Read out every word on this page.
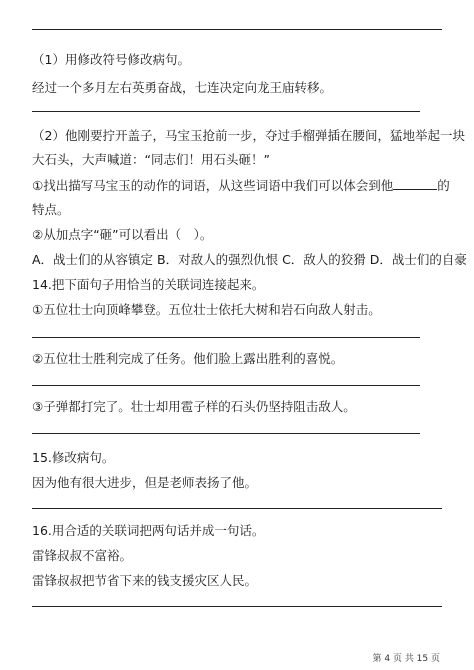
（1）用修改符号修改病句。
经过一个多月左右英勇奋战，七连决定向龙王庙转移。
（2）他刚要拧开盖子，马宝玉抢前一步，夺过手榴弹插在腰间，猛地举起一块
大石头，大声喊道：“同志们！用石头砸！”
①找出描写马宝玉的动作的词语，从这些词语中我们可以体会到他	的
特点。
②从加点字“砸”可以看出（　）。
A．战士们的从容镇定 B．对敌人的强烈仇恨 C．敌人的狡猾 D．战士们的自豪
14.把下面句子用恰当的关联词连接起来。
①五位壮士向顶峰攀登。五位壮士依托大树和岩石向敌人射击。
②五位壮士胜利完成了任务。他们脸上露出胜利的喜悦。
③子弹都打完了。壮士却用雹子样的石头仍坚持阻击敌人。
15.修改病句。
因为他有很大进步，但是老师表扬了他。
16.用合适的关联词把两句话并成一句话。
雷锋叔叔不富裕。
雷锋叔叔把节省下来的钱支援灾区人民。
第 4 页 共 15 页
